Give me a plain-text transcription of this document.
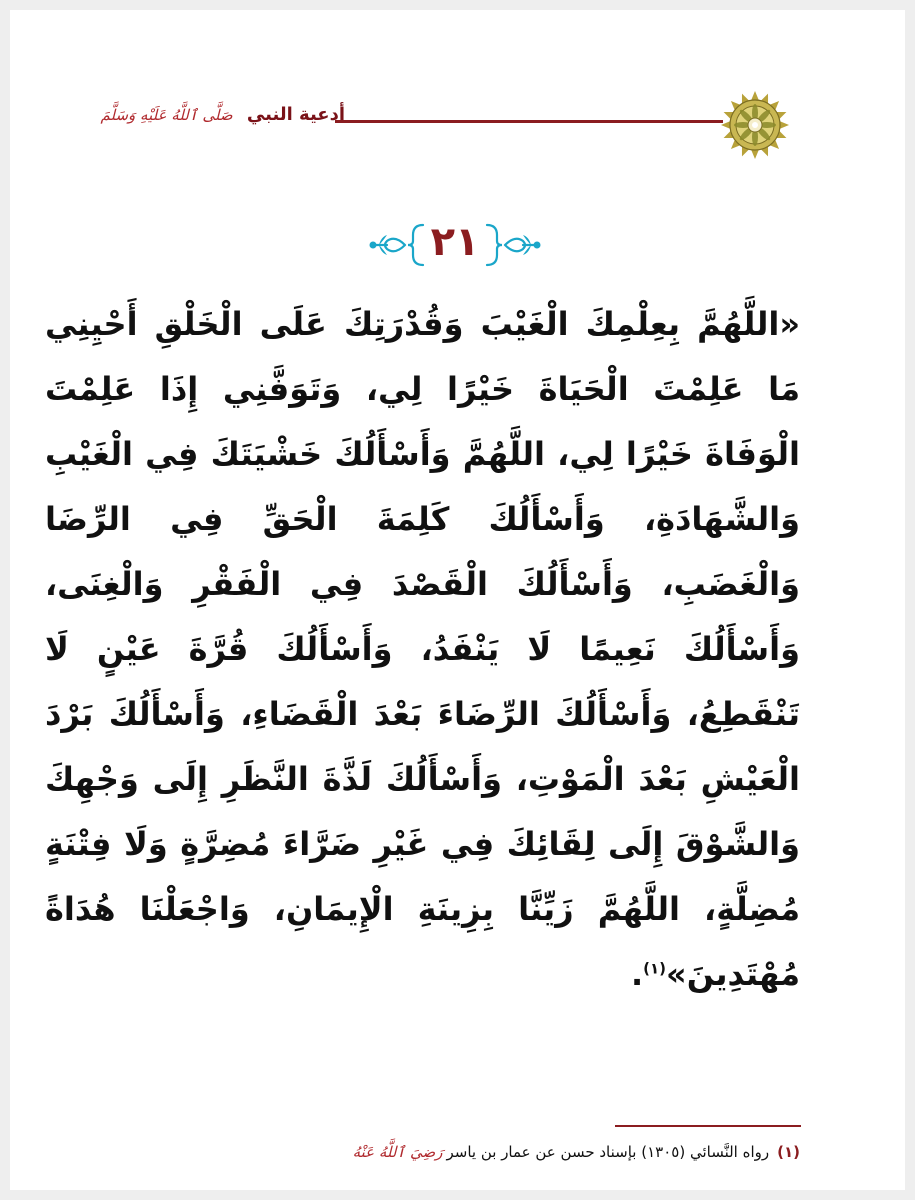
أدعية النبي صَلَّى ٱللَّهُ عَلَيْهِ وَسَلَّمَ
٢١
«اللَّهُمَّ بِعِلْمِكَ الْغَيْبَ وَقُدْرَتِكَ عَلَى الْخَلْقِ أَحْيِنِي مَا عَلِمْتَ الْحَيَاةَ خَيْرًا لِي، وَتَوَفَّنِي إِذَا عَلِمْتَ الْوَفَاةَ خَيْرًا لِي، اللَّهُمَّ وَأَسْأَلُكَ خَشْيَتَكَ فِي الْغَيْبِ وَالشَّهَادَةِ، وَأَسْأَلُكَ كَلِمَةَ الْحَقِّ فِي الرِّضَا وَالْغَضَبِ، وَأَسْأَلُكَ الْقَصْدَ فِي الْفَقْرِ وَالْغِنَى، وَأَسْأَلُكَ نَعِيمًا لَا يَنْفَدُ، وَأَسْأَلُكَ قُرَّةَ عَيْنٍ لَا تَنْقَطِعُ، وَأَسْأَلُكَ الرِّضَاءَ بَعْدَ الْقَضَاءِ، وَأَسْأَلُكَ بَرْدَ الْعَيْشِ بَعْدَ الْمَوْتِ، وَأَسْأَلُكَ لَذَّةَ النَّظَرِ إِلَى وَجْهِكَ وَالشَّوْقَ إِلَى لِقَائِكَ فِي غَيْرِ ضَرَّاءَ مُضِرَّةٍ وَلَا فِتْنَةٍ مُضِلَّةٍ، اللَّهُمَّ زَيِّنَّا بِزِينَةِ الْإِيمَانِ، وَاجْعَلْنَا هُدَاةً مُهْتَدِينَ»$^{(١)}$.
(١)رواه النَّسائي (١٣٠٥) بإسناد حسن عن عمار بن ياسررَضِيَ ٱللَّهُ عَنْهُ
